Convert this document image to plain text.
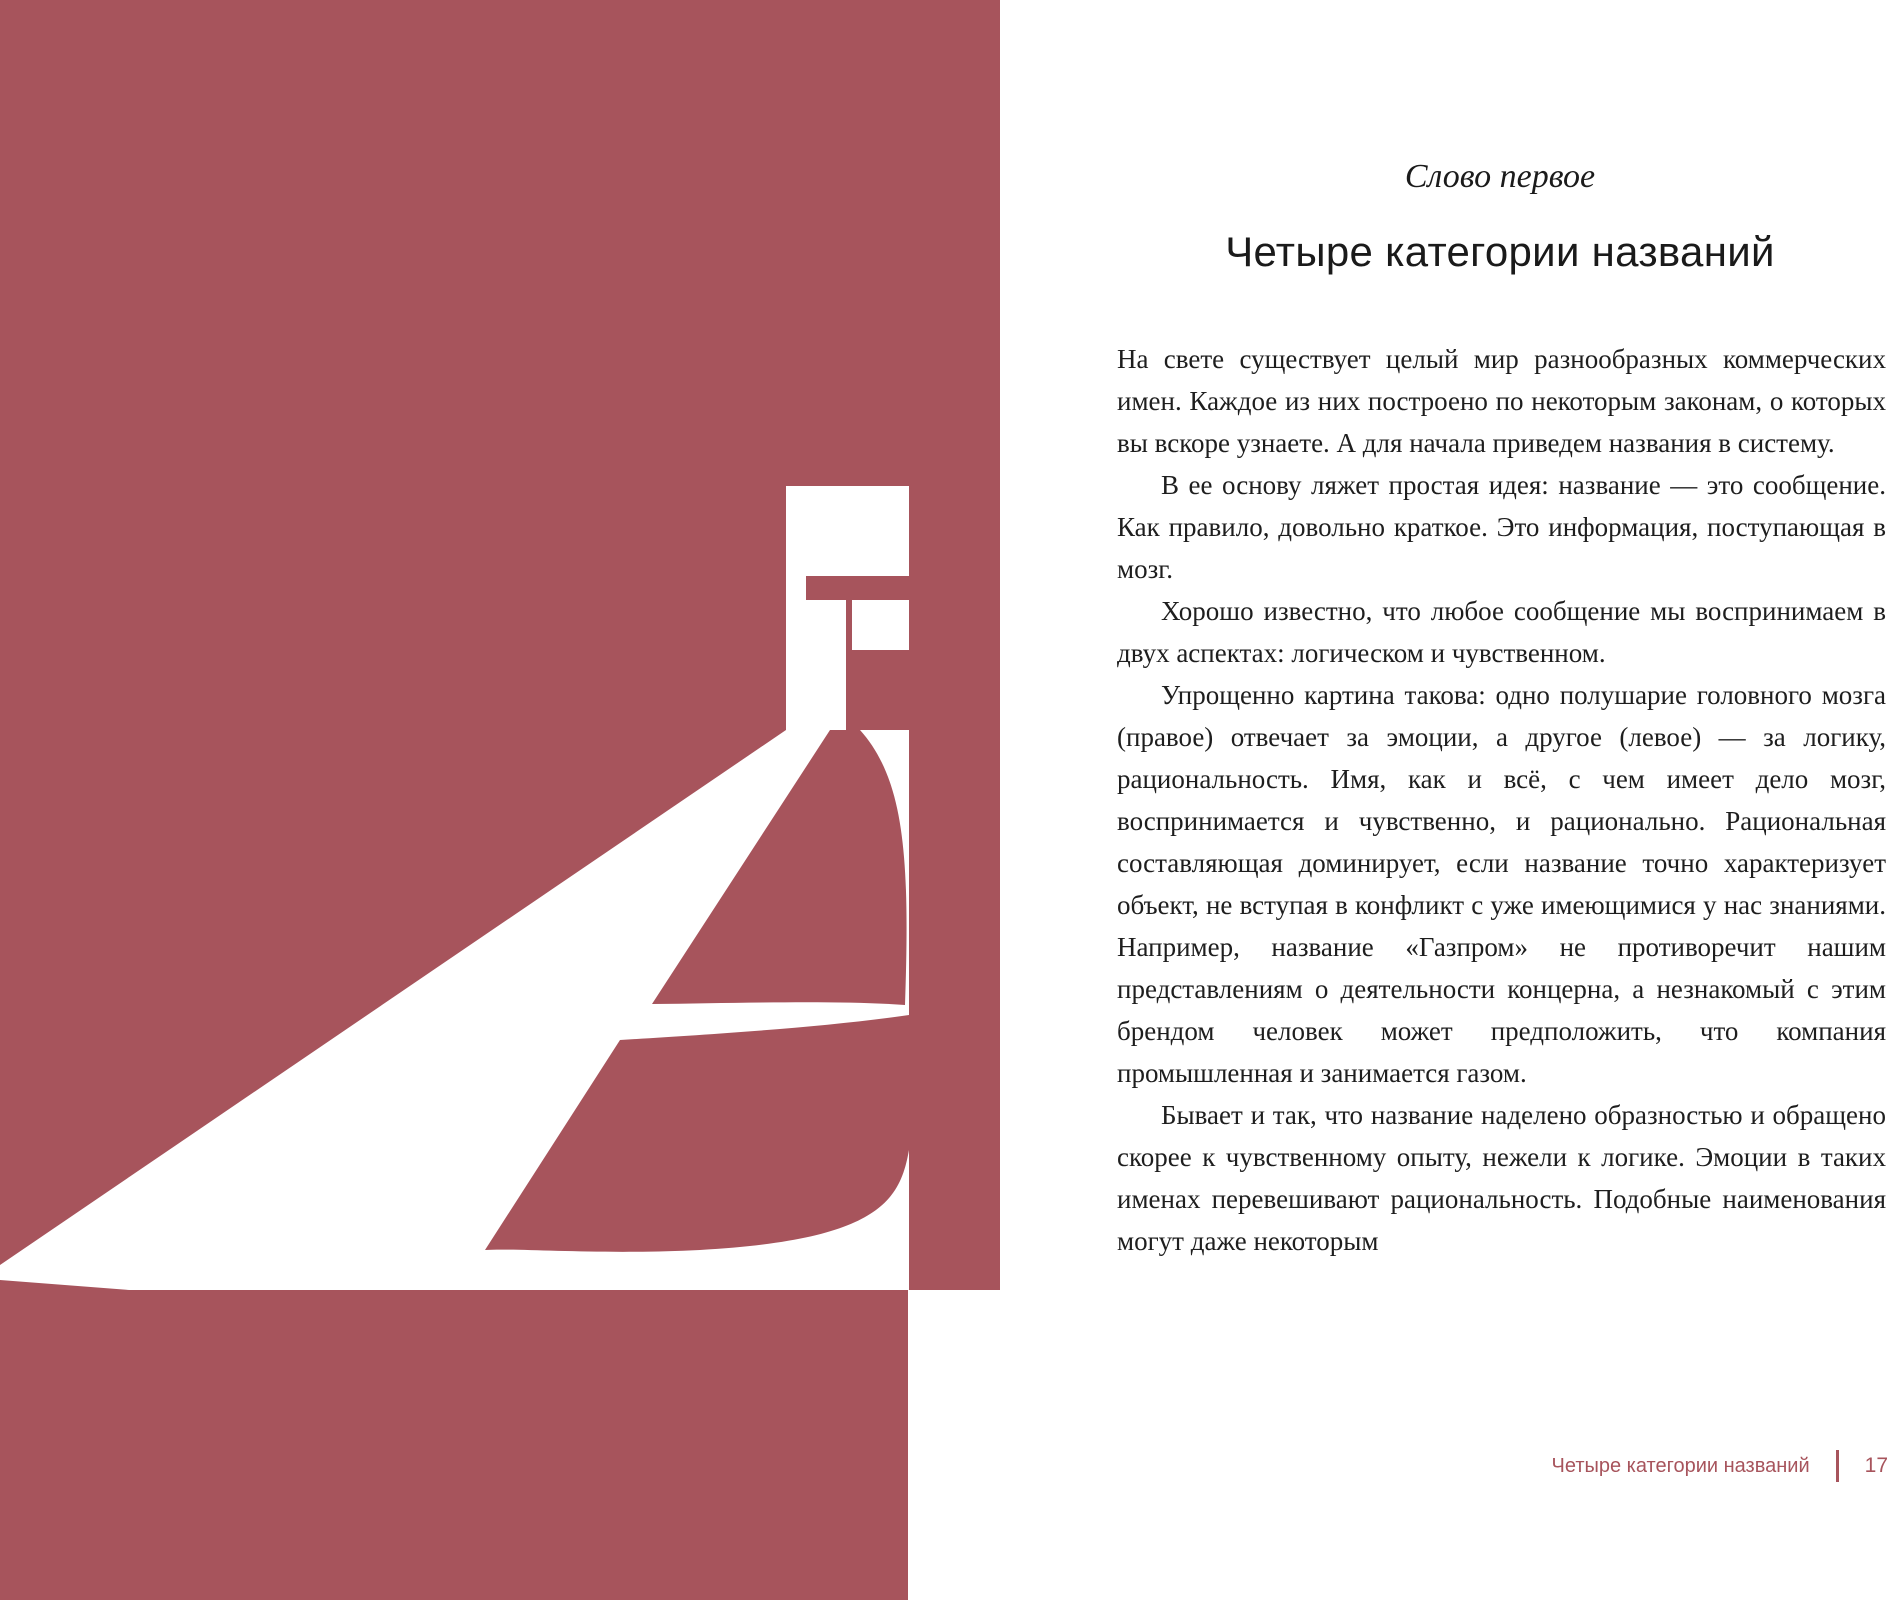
Слово первое
Четыре категории названий

На свете существует целый мир разнообразных коммерческих имен. Каждое из них построено по некоторым законам, о которых вы вскоре узнаете. А для начала приведем названия в систему.

В ее основу ляжет простая идея: название — это сообщение. Как правило, довольно краткое. Это информация, поступающая в мозг.

Хорошо известно, что любое сообщение мы воспринимаем в двух аспектах: логическом и чувственном.

Упрощенно картина такова: одно полушарие головного мозга (правое) отвечает за эмоции, а другое (левое) — за логику, рациональность. Имя, как и всё, с чем имеет дело мозг, воспринимается и чувственно, и рационально. Рациональная составляющая доминирует, если название точно характеризует объект, не вступая в конфликт с уже имеющимися у нас знаниями. Например, название «Газпром» не противоречит нашим представлениям о деятельности концерна, а незнакомый с этим брендом человек может предположить, что компания промышленная и занимается газом.

Бывает и так, что название наделено образностью и обращено скорее к чувственному опыту, нежели к логике. Эмоции в таких именах перевешивают рациональность. Подобные наименования могут даже некоторым

Четыре категории названий	17
